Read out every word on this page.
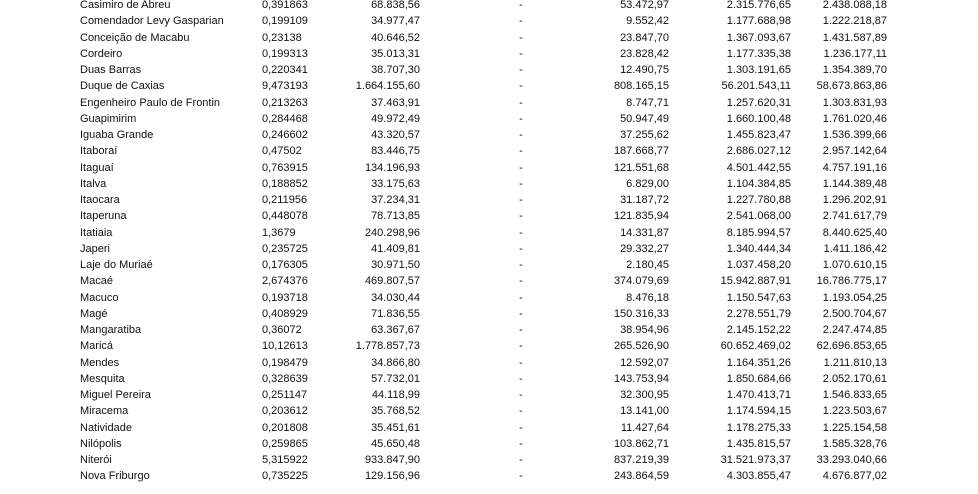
Casimiro de Abreu	0,391863	68.838,56	-	53.472,97	2.315.776,65	2.438.088,18
Comendador Levy Gasparian	0,199109	34.977,47	-	9.552,42	1.177.688,98	1.222.218,87
Conceição de Macabu	0,23138	40.646,52	-	23.847,70	1.367.093,67	1.431.587,89
Cordeiro	0,199313	35.013,31	-	23.828,42	1.177.335,38	1.236.177,11
Duas Barras	0,220341	38.707,30	-	12.490,75	1.303.191,65	1.354.389,70
Duque de Caxias	9,473193	1.664.155,60	-	808.165,15	56.201.543,11	58.673.863,86
Engenheiro Paulo de Frontin	0,213263	37.463,91	-	8.747,71	1.257.620,31	1.303.831,93
Guapimirim	0,284468	49.972,49	-	50.947,49	1.660.100,48	1.761.020,46
Iguaba Grande	0,246602	43.320,57	-	37.255,62	1.455.823,47	1.536.399,66
Itaboraí	0,47502	83.446,75	-	187.668,77	2.686.027,12	2.957.142,64
Itaguaí	0,763915	134.196,93	-	121.551,68	4.501.442,55	4.757.191,16
Italva	0,188852	33.175,63	-	6.829,00	1.104.384,85	1.144.389,48
Itaocara	0,211956	37.234,31	-	31.187,72	1.227.780,88	1.296.202,91
Itaperuna	0,448078	78.713,85	-	121.835,94	2.541.068,00	2.741.617,79
Itatiaia	1,3679	240.298,96	-	14.331,87	8.185.994,57	8.440.625,40
Japeri	0,235725	41.409,81	-	29.332,27	1.340.444,34	1.411.186,42
Laje do Muriaé	0,176305	30.971,50	-	2.180,45	1.037.458,20	1.070.610,15
Macaé	2,674376	469.807,57	-	374.079,69	15.942.887,91	16.786.775,17
Macuco	0,193718	34.030,44	-	8.476,18	1.150.547,63	1.193.054,25
Magé	0,408929	71.836,55	-	150.316,33	2.278.551,79	2.500.704,67
Mangaratiba	0,36072	63.367,67	-	38.954,96	2.145.152,22	2.247.474,85
Maricá	10,12613	1.778.857,73	-	265.526,90	60.652.469,02	62.696.853,65
Mendes	0,198479	34.866,80	-	12.592,07	1.164.351,26	1.211.810,13
Mesquita	0,328639	57.732,01	-	143.753,94	1.850.684,66	2.052.170,61
Miguel Pereira	0,251147	44.118,99	-	32.300,95	1.470.413,71	1.546.833,65
Miracema	0,203612	35.768,52	-	13.141,00	1.174.594,15	1.223.503,67
Natividade	0,201808	35.451,61	-	11.427,64	1.178.275,33	1.225.154,58
Nilópolis	0,259865	45.650,48	-	103.862,71	1.435.815,57	1.585.328,76
Niterói	5,315922	933.847,90	-	837.219,39	31.521.973,37	33.293.040,66
Nova Friburgo	0,735225	129.156,96	-	243.864,59	4.303.855,47	4.676.877,02
